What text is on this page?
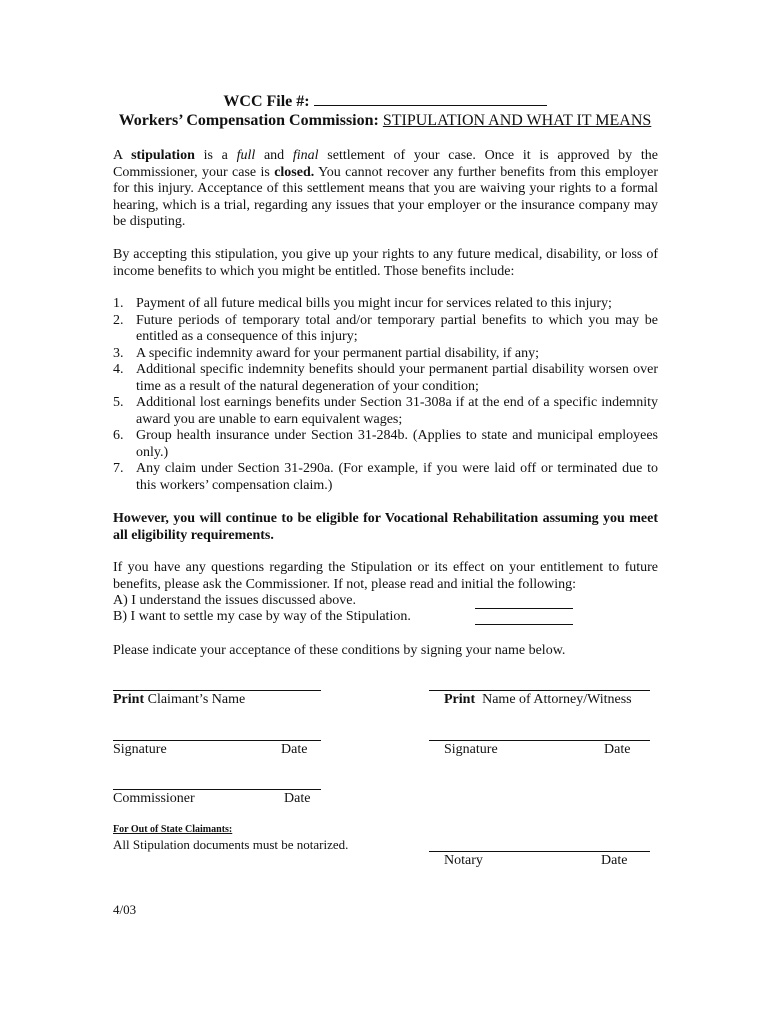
WCC File #:
Workers’ Compensation Commission: STIPULATION AND WHAT IT MEANS

A stipulation is a full and final settlement of your case. Once it is approved by the Commissioner, your case is closed. You cannot recover any further benefits from this employer for this injury. Acceptance of this settlement means that you are waiving your rights to a formal hearing, which is a trial, regarding any issues that your employer or the insurance company may be disputing.

By accepting this stipulation, you give up your rights to any future medical, disability, or loss of income benefits to which you might be entitled. Those benefits include:
1. Payment of all future medical bills you might incur for services related to this injury;
2. Future periods of temporary total and/or temporary partial benefits to which you may be entitled as a consequence of this injury;
3. A specific indemnity award for your permanent partial disability, if any;
4. Additional specific indemnity benefits should your permanent partial disability worsen over time as a result of the natural degeneration of your condition;
5. Additional lost earnings benefits under Section 31-308a if at the end of a specific indemnity award you are unable to earn equivalent wages;
6. Group health insurance under Section 31-284b. (Applies to state and municipal employees only.)
7. Any claim under Section 31-290a. (For example, if you were laid off or terminated due to this workers’ compensation claim.)
However, you will continue to be eligible for Vocational Rehabilitation assuming you meet all eligibility requirements.
If you have any questions regarding the Stipulation or its effect on your entitlement to future benefits, please ask the Commissioner. If not, please read and initial the following:
A) I understand the issues discussed above.
B) I want to settle my case by way of the Stipulation.
Please indicate your acceptance of these conditions by signing your name below.
Print Claimant’s Name
Signature	Date
Commissioner	Date
Print  Name of Attorney/Witness
Signature	Date
For Out of State Claimants:
All Stipulation documents must be notarized.
Notary	Date
4/03
